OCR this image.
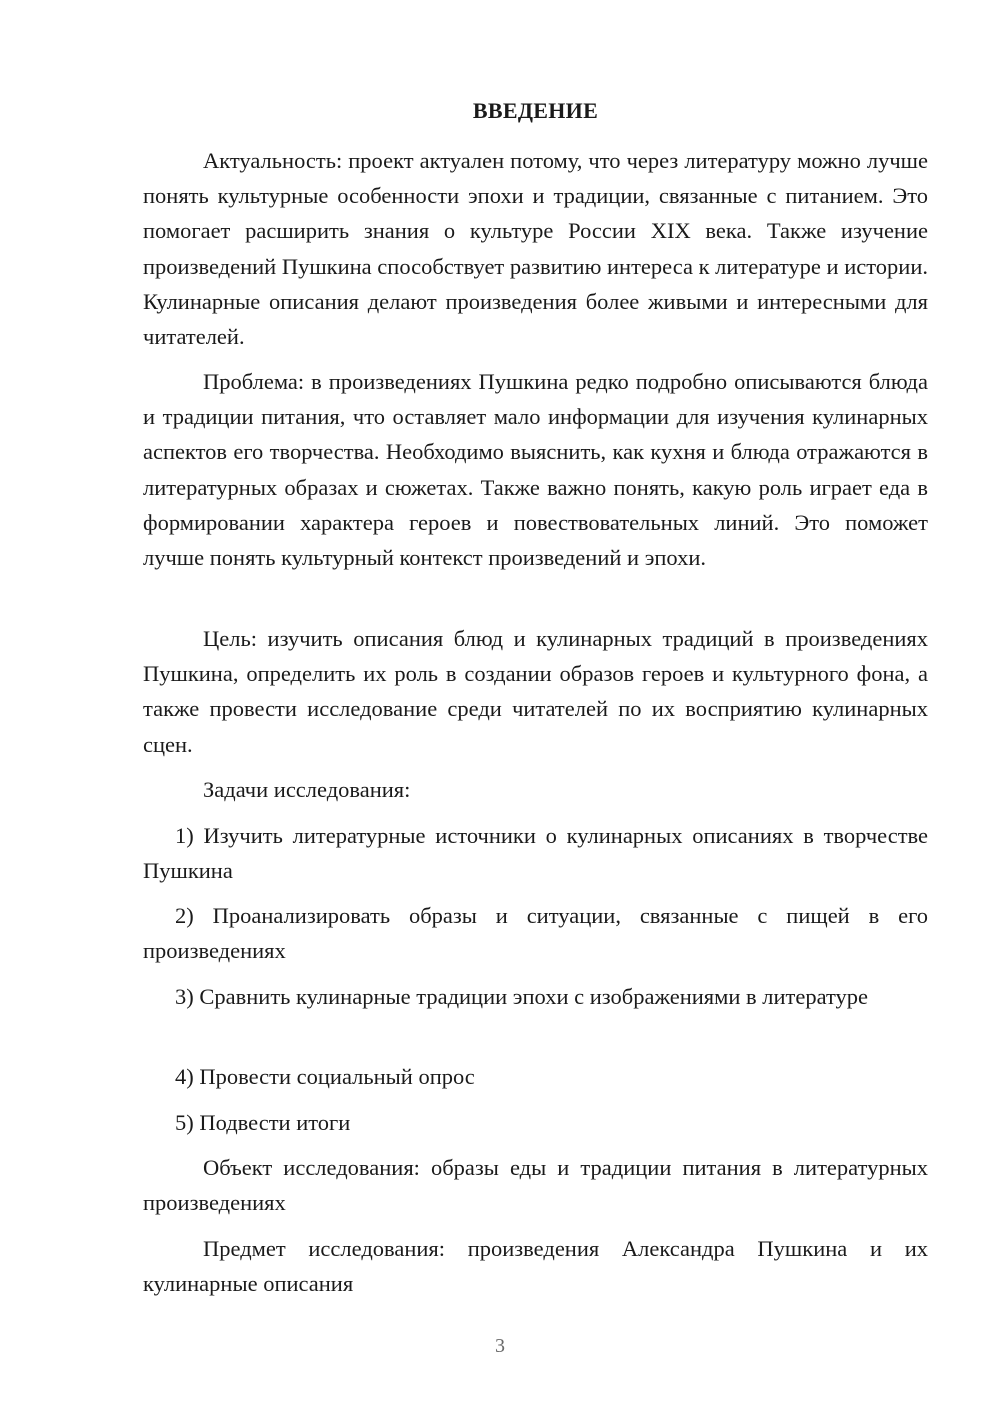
ВВЕДЕНИЕ

Актуальность: проект актуален потому, что через литературу можно лучше понять культурные особенности эпохи и традиции, связанные с питанием. Это помогает расширить знания о культуре России XIX века. Также изучение произведений Пушкина способствует развитию интереса к литературе и истории. Кулинарные описания делают произведения более живыми и интересными для читателей.

Проблема: в произведениях Пушкина редко подробно описываются блюда и традиции питания, что оставляет мало информации для изучения кулинарных аспектов его творчества. Необходимо выяснить, как кухня и блюда отражаются в литературных образах и сюжетах. Также важно понять, какую роль играет еда в формировании характера героев и повествовательных линий. Это поможет лучше понять культурный контекст произведений и эпохи.

Цель: изучить описания блюд и кулинарных традиций в произведениях Пушкина, определить их роль в создании образов героев и культурного фона, а также провести исследование среди читателей по их восприятию кулинарных сцен.

Задачи исследования:

1) Изучить литературные источники о кулинарных описаниях в творчестве Пушкина

2) Проанализировать образы и ситуации, связанные с пищей в его произведениях

3) Сравнить кулинарные традиции эпохи с изображениями в литературе

4) Провести социальный опрос

5) Подвести итоги

Объект исследования: образы еды и традиции питания в литературных произведениях

Предмет исследования: произведения Александра Пушкина и их кулинарные описания

3
